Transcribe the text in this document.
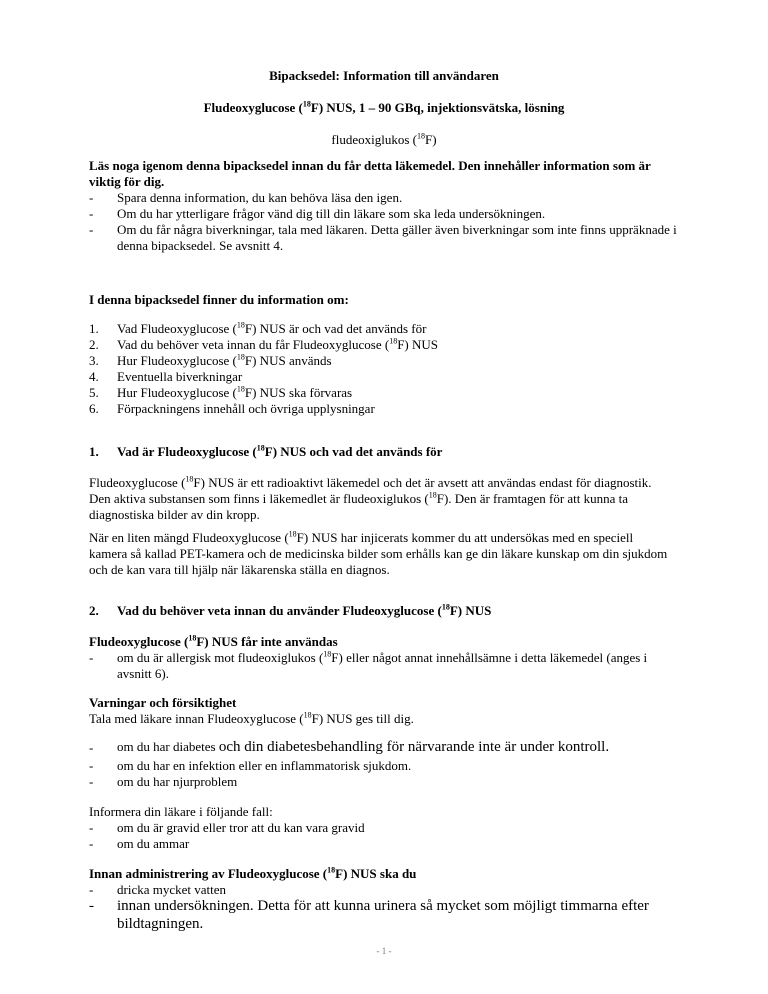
Bipacksedel: Information till användaren
Fludeoxyglucose ($^{18}$F) NUS, 1 – 90 GBq, injektionsvätska, lösning
fludeoxiglukos ($^{18}$F)
Läs noga igenom denna bipacksedel innan du får detta läkemedel. Den innehåller information som är viktig för dig.
- Spara denna information, du kan behöva läsa den igen.
- Om du har ytterligare frågor vänd dig till din läkare som ska leda undersökningen.
- Om du får några biverkningar, tala med läkaren. Detta gäller även biverkningar som inte finns uppräknade i denna bipacksedel. Se avsnitt 4.
I denna bipacksedel finner du information om:
1. Vad Fludeoxyglucose ($^{18}$F) NUS är och vad det används för
2. Vad du behöver veta innan du får Fludeoxyglucose ($^{18}$F) NUS
3. Hur Fludeoxyglucose ($^{18}$F) NUS används
4. Eventuella biverkningar
5. Hur Fludeoxyglucose ($^{18}$F) NUS ska förvaras
6. Förpackningens innehåll och övriga upplysningar
1. Vad är Fludeoxyglucose ($^{18}$F) NUS och vad det används för
Fludeoxyglucose ($^{18}$F) NUS är ett radioaktivt läkemedel och det är avsett att användas endast för diagnostik. Den aktiva substansen som finns i läkemedlet är fludeoxiglukos ($^{18}$F). Den är framtagen för att kunna ta diagnostiska bilder av din kropp.
När en liten mängd Fludeoxyglucose ($^{18}$F) NUS har injicerats kommer du att undersökas med en speciell kamera så kallad PET-kamera och de medicinska bilder som erhålls kan ge din läkare kunskap om din sjukdom och de kan vara till hjälp när läkarenska ställa en diagnos.
2. Vad du behöver veta innan du använder Fludeoxyglucose ($^{18}$F) NUS
Fludeoxyglucose ($^{18}$F) NUS får inte användas
- om du är allergisk mot fludeoxiglukos ($^{18}$F) eller något annat innehållsämne i detta läkemedel (anges i avsnitt 6).
Varningar och försiktighet
Tala med läkare innan Fludeoxyglucose ($^{18}$F) NUS ges till dig.
- om du har diabetes och din diabetesbehandling för närvarande inte är under kontroll.
- om du har en infektion eller en inflammatorisk sjukdom.
- om du har njurproblem
Informera din läkare i följande fall:
- om du är gravid eller tror att du kan vara gravid
- om du ammar
Innan administrering av Fludeoxyglucose ($^{18}$F) NUS ska du
- dricka mycket vatten
- innan undersökningen. Detta för att kunna urinera så mycket som möjligt timmarna efter bildtagningen.
- 1 -
